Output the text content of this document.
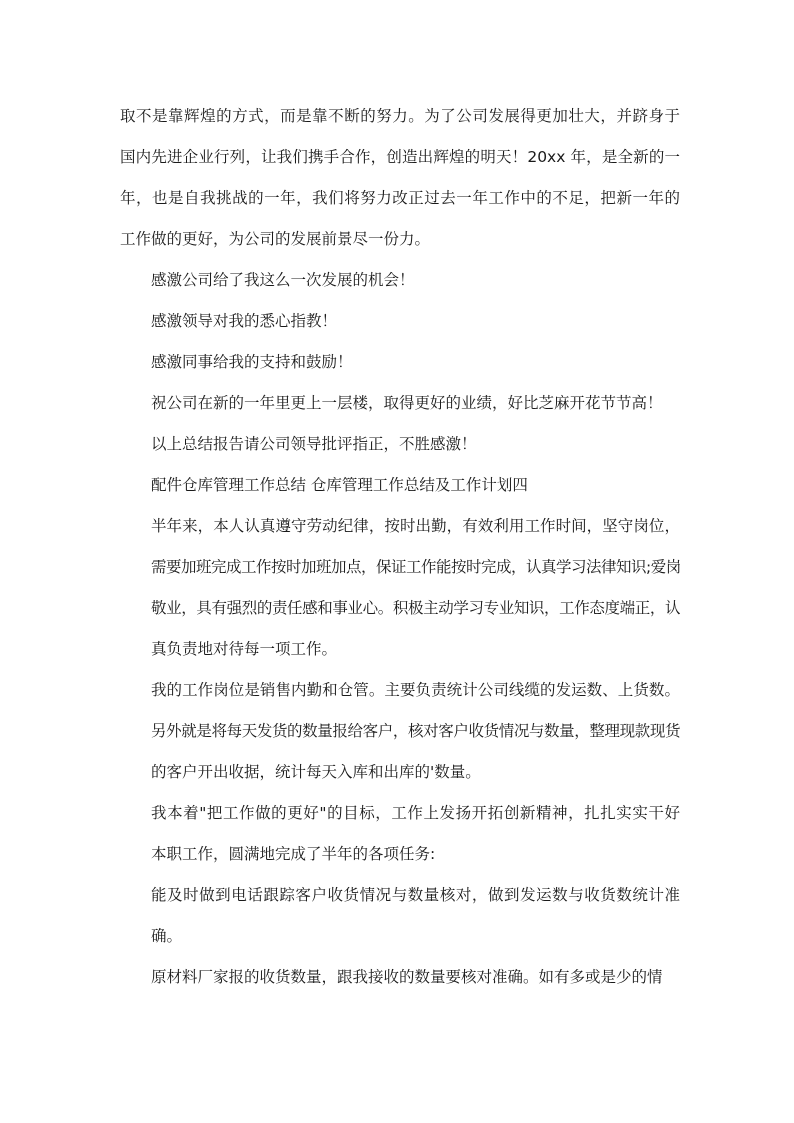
取不是靠辉煌的方式，而是靠不断的努力。为了公司发展得更加壮大，并跻身于
国内先进企业行列，让我们携手合作，创造出辉煌的明天！20xx 年，是全新的一
年，也是自我挑战的一年，我们将努力改正过去一年工作中的不足，把新一年的
工作做的更好，为公司的发展前景尽一份力。

感激公司给了我这么一次发展的机会！

感激领导对我的悉心指教！

感激同事给我的支持和鼓励！

祝公司在新的一年里更上一层楼，取得更好的业绩，好比芝麻开花节节高！

以上总结报告请公司领导批评指正，不胜感激！

配件仓库管理工作总结 仓库管理工作总结及工作计划四

半年来，本人认真遵守劳动纪律，按时出勤，有效利用工作时间，坚守岗位，
需要加班完成工作按时加班加点，保证工作能按时完成，认真学习法律知识;爱岗
敬业，具有强烈的责任感和事业心。积极主动学习专业知识，工作态度端正，认
真负责地对待每一项工作。

我的工作岗位是销售内勤和仓管。主要负责统计公司线缆的发运数、上货数。
另外就是将每天发货的数量报给客户，核对客户收货情况与数量，整理现款现货
的客户开出收据，统计每天入库和出库的'数量。

我本着"把工作做的更好"的目标，工作上发扬开拓创新精神，扎扎实实干好
本职工作，圆满地完成了半年的各项任务:

能及时做到电话跟踪客户收货情况与数量核对，做到发运数与收货数统计准
确。

原材料厂家报的收货数量，跟我接收的数量要核对准确。如有多或是少的情
